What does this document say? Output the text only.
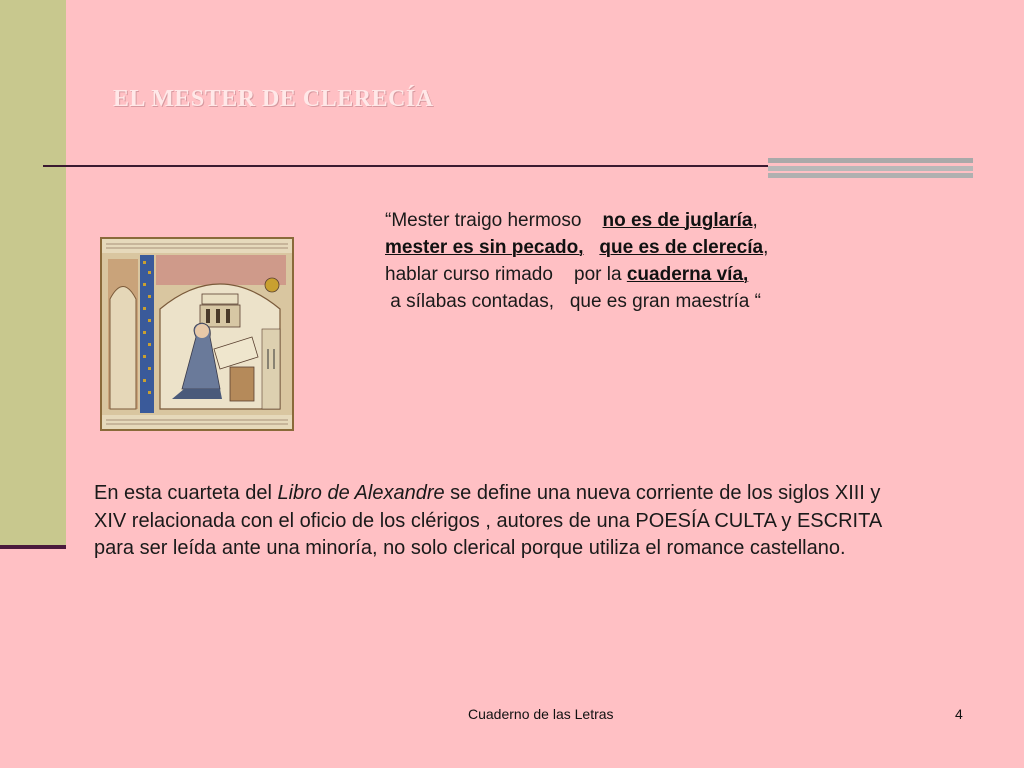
EL MESTER DE CLERECÍA
“Mester traigo hermoso    no es de juglaría,
mester es sin pecado, que es de clerecía,
hablar curso rimado    por la cuaderna vía,
a sílabas contadas,   que es gran maestría “

En esta cuarteta del Libro de Alexandre se define una nueva corriente de los siglos XIII y XIV relacionada con el oficio de los clérigos , autores de una POESÍA CULTA y ESCRITA para ser leída ante una minoría, no solo clerical porque utiliza el romance castellano.

Cuaderno de las Letras	4
